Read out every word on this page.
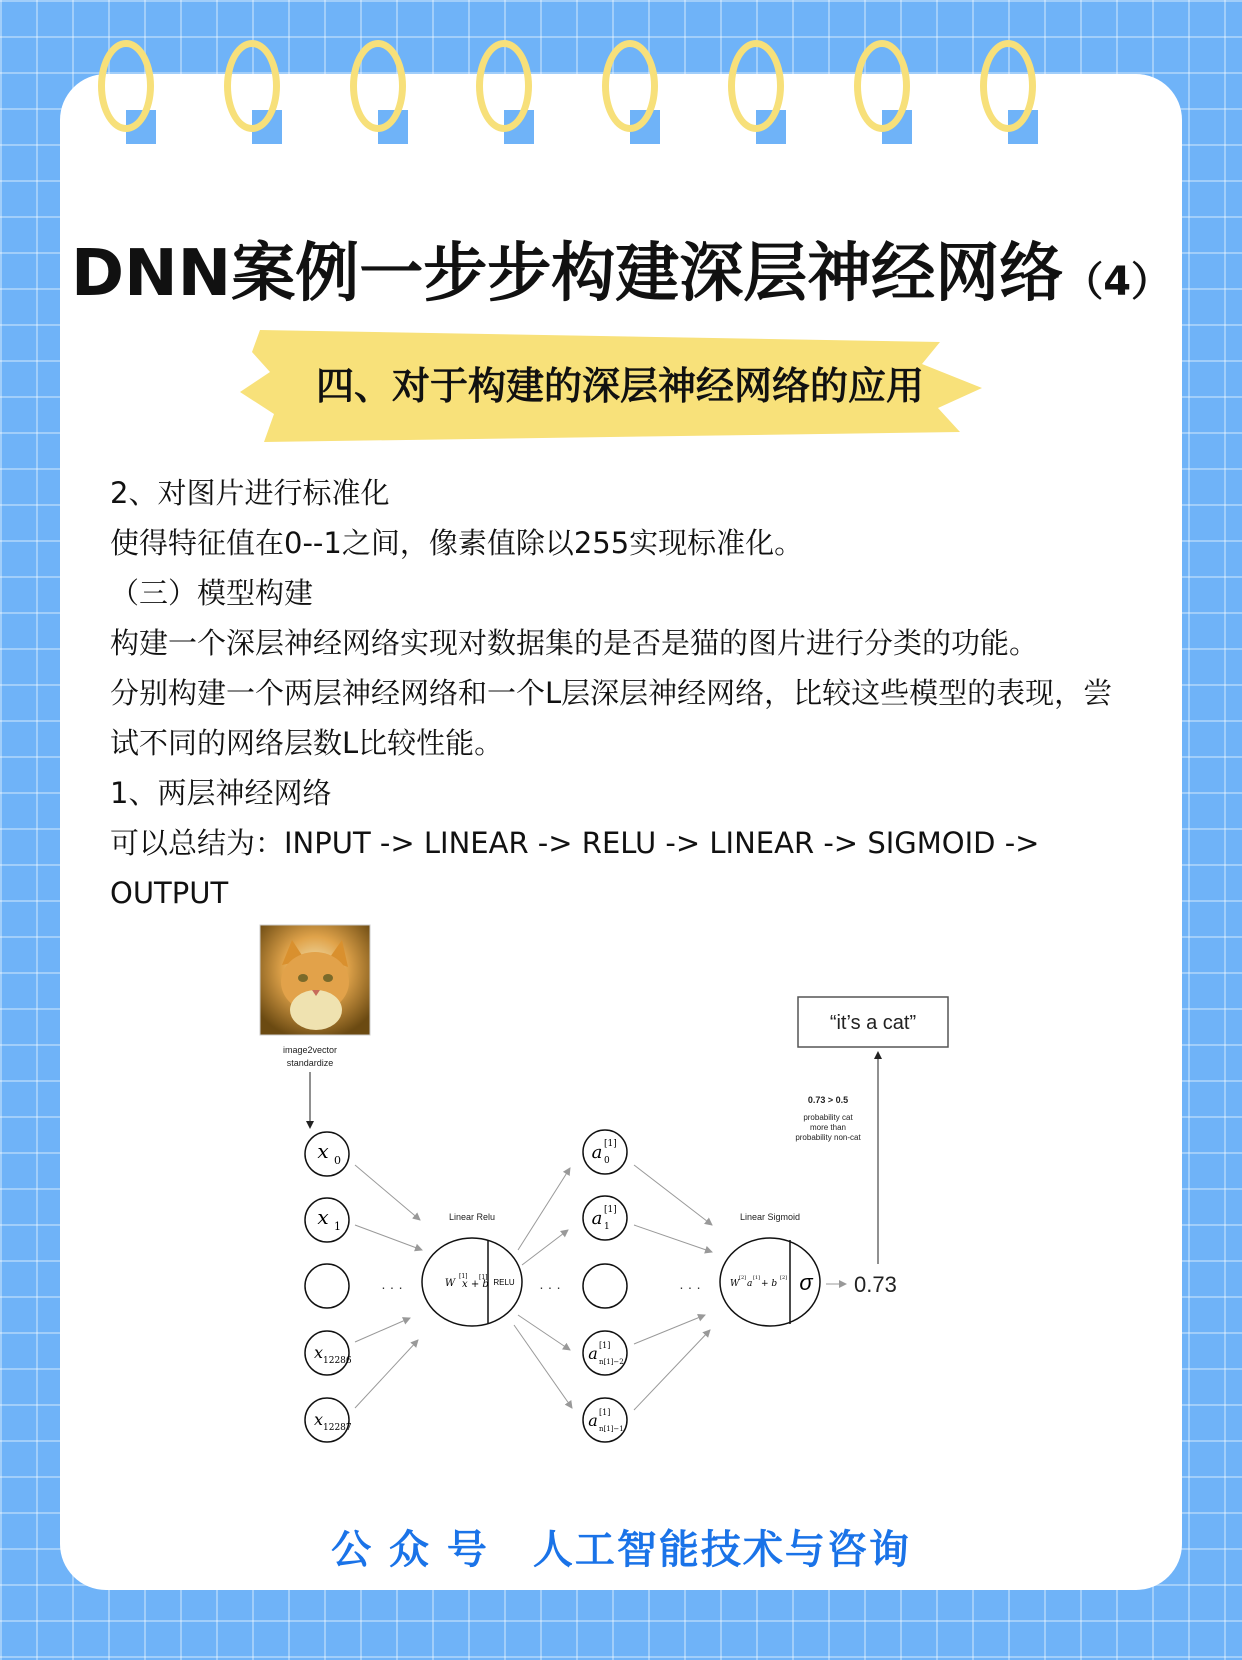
DNN案例一步步构建深层神经网络（4）
四、对于构建的深层神经网络的应用

2、对图片进行标准化

使得特征值在0--1之间，像素值除以255实现标准化。

（三）模型构建

构建一个深层神经网络实现对数据集的是否是猫的图片进行分类的功能。

分别构建一个两层神经网络和一个L层深层神经网络，比较这些模型的表现，尝试不同的网络层数L比较性能。

1、两层神经网络

可以总结为：INPUT -> LINEAR -> RELU -> LINEAR -> SIGMOID -> OUTPUT

image2vector
standardize
x 0
x 1
x 12286
x 12287
· · ·
Linear Relu
W
[1]
x + b
. [1]
RELU · · ·
a [1]
0
a [1]
1
a [1]
n[1]−2
a [1]
n[1]−1
· · ·
Linear Sigmoid
W
[2]
a
[1]
+ b
[2] σ 0.73
“it’s a cat”
0.73 > 0.5
probability cat
more than
probability non-cat
公 众 号 人工智能技术与咨询
